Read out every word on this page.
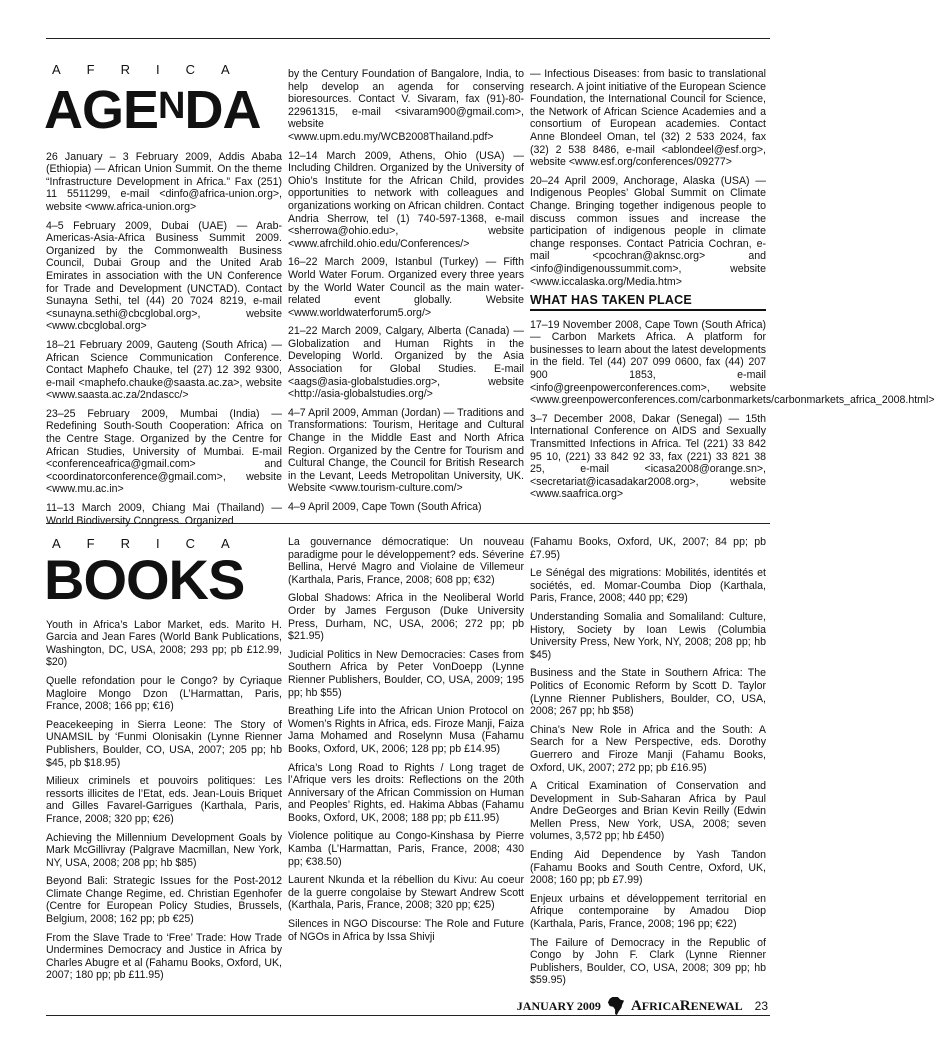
AFRICA
AGENDA

26 January – 3 February 2009, Addis Ababa (Ethiopia) — African Union Summit. On the theme “Infrastructure Development in Africa.” Fax (251) 11 5511299, e-mail <dinfo@africa-union.org>, website <www.africa-union.org>

4–5 February 2009, Dubai (UAE) — Arab-Americas-Asia-Africa Business Summit 2009. Organized by the Commonwealth Business Council, Dubai Group and the United Arab Emirates in association with the UN Conference for Trade and Development (UNCTAD). Contact Sunayna Sethi, tel (44) 20 7024 8219, e-mail <sunayna.sethi@cbcglobal.org>, website <www.cbcglobal.org>

18–21 February 2009, Gauteng (South Africa) — African Science Communication Conference. Contact Maphefo Chauke, tel (27) 12 392 9300, e-mail <maphefo.chauke@saasta.ac.za>, website <www.saasta.ac.za/2ndascc/>

23–25 February 2009, Mumbai (India) — Redefining South-South Cooperation: Africa on the Centre Stage. Organized by the Centre for African Studies, University of Mumbai. E-mail <conferenceafrica@gmail.com> and <coordinatorconference@gmail.com>, website <www.mu.ac.in>

11–13 March 2009, Chiang Mai (Thailand) — World Biodiversity Congress. Organized

by the Century Foundation of Bangalore, India, to help develop an agenda for conserving bioresources. Contact V. Sivaram, fax (91)-80-22961315, e-mail <sivaram900@gmail.com>, website <www.upm.edu.my/WCB2008Thailand.pdf>

12–14 March 2009, Athens, Ohio (USA) — Including Children. Organized by the University of Ohio’s Institute for the African Child, provides opportunities to network with colleagues and organizations working on African children. Contact Andria Sherrow, tel (1) 740-597-1368, e-mail <sherrowa@ohio.edu>, website <www.afrchild.ohio.edu/Conferences/>

16–22 March 2009, Istanbul (Turkey) — Fifth World Water Forum. Organized every three years by the World Water Council as the main water-related event globally. Website <www.worldwaterforum5.org/>

21–22 March 2009, Calgary, Alberta (Canada) — Globalization and Human Rights in the Developing World. Organized by the Asia Association for Global Studies. E-mail <aags@asia-globalstudies.org>, website <http://asia-globalstudies.org/>

4–7 April 2009, Amman (Jordan) — Traditions and Transformations: Tourism, Heritage and Cultural Change in the Middle East and North Africa Region. Organized by the Centre for Tourism and Cultural Change, the Council for British Research in the Levant, Leeds Metropolitan University, UK. Website <www.tourism-culture.com/>

4–9 April 2009, Cape Town (South Africa)

— Infectious Diseases: from basic to translational research. A joint initiative of the European Science Foundation, the International Council for Science, the Network of African Science Academies and a consortium of European academies. Contact Anne Blondeel Oman, tel (32) 2 533 2024, fax (32) 2 538 8486, e-mail <ablondeel@esf.org>, website <www.esf.org/conferences/09277>

20–24 April 2009, Anchorage, Alaska (USA) — Indigenous Peoples’ Global Summit on Climate Change. Bringing together indigenous people to discuss common issues and increase the participation of indigenous people in climate change responses. Contact Patricia Cochran, e-mail <pcochran@aknsc.org> and <info@indigenoussummit.com>, website <www.iccalaska.org/Media.htm>

WHAT HAS TAKEN PLACE

17–19 November 2008, Cape Town (South Africa) — Carbon Markets Africa. A platform for businesses to learn about the latest developments in the field. Tel (44) 207 099 0600, fax (44) 207 900 1853, e-mail <info@greenpowerconferences.com>, website <www.greenpowerconferences.com/carbonmarkets/carbonmarkets_africa_2008.html>

3–7 December 2008, Dakar (Senegal) — 15th International Conference on AIDS and Sexually Transmitted Infections in Africa. Tel (221) 33 842 95 10, (221) 33 842 92 33, fax (221) 33 821 38 25, e-mail <icasa2008@orange.sn>, <secretariat@icasadakar2008.org>, website <www.saafrica.org>

AFRICA
BOOKS

Youth in Africa’s Labor Market, eds. Marito H. Garcia and Jean Fares (World Bank Publications, Washington, DC, USA, 2008; 293 pp; pb £12.99, $20)

Quelle refondation pour le Congo? by Cyriaque Magloire Mongo Dzon (L’Harmattan, Paris, France, 2008; 166 pp; €16)

Peacekeeping in Sierra Leone: The Story of UNAMSIL by ‘Funmi Olonisakin (Lynne Rienner Publishers, Boulder, CO, USA, 2007; 205 pp; hb $45, pb $18.95)

Milieux criminels et pouvoirs politiques: Les ressorts illicites de l’Etat, eds. Jean-Louis Briquet and Gilles Favarel-Garrigues (Karthala, Paris, France, 2008; 320 pp; €26)

Achieving the Millennium Development Goals by Mark McGillivray (Palgrave Macmillan, New York, NY, USA, 2008; 208 pp; hb $85)

Beyond Bali: Strategic Issues for the Post-2012 Climate Change Regime, ed. Christian Egenhofer (Centre for European Policy Studies, Brussels, Belgium, 2008; 162 pp; pb €25)

From the Slave Trade to ‘Free’ Trade: How Trade Undermines Democracy and Justice in Africa by Charles Abugre et al (Fahamu Books, Oxford, UK, 2007; 180 pp; pb £11.95)

La gouvernance démocratique: Un nouveau paradigme pour le développement? eds. Séverine Bellina, Hervé Magro and Violaine de Villemeur (Karthala, Paris, France, 2008; 608 pp; €32)

Global Shadows: Africa in the Neoliberal World Order by James Ferguson (Duke University Press, Durham, NC, USA, 2006; 272 pp; pb $21.95)

Judicial Politics in New Democracies: Cases from Southern Africa by Peter VonDoepp (Lynne Rienner Publishers, Boulder, CO, USA, 2009; 195 pp; hb $55)

Breathing Life into the African Union Protocol on Women’s Rights in Africa, eds. Firoze Manji, Faiza Jama Mohamed and Roselynn Musa (Fahamu Books, Oxford, UK, 2006; 128 pp; pb £14.95)

Africa’s Long Road to Rights / Long traget de l’Afrique vers les droits: Reflections on the 20th Anniversary of the African Commission on Human and Peoples’ Rights, ed. Hakima Abbas (Fahamu Books, Oxford, UK, 2008; 188 pp; pb £11.95)

Violence politique au Congo-Kinshasa by Pierre Kamba (L’Harmattan, Paris, France, 2008; 430 pp; €38.50)

Laurent Nkunda et la rébellion du Kivu: Au coeur de la guerre congolaise by Stewart Andrew Scott (Karthala, Paris, France, 2008; 320 pp; €25)

Silences in NGO Discourse: The Role and Future of NGOs in Africa by Issa Shivji

(Fahamu Books, Oxford, UK, 2007; 84 pp; pb £7.95)

Le Sénégal des migrations: Mobilités, identités et sociétés, ed. Momar-Coumba Diop (Karthala, Paris, France, 2008; 440 pp; €29)

Understanding Somalia and Somaliland: Culture, History, Society by Ioan Lewis (Columbia University Press, New York, NY, 2008; 208 pp; hb $45)

Business and the State in Southern Africa: The Politics of Economic Reform by Scott D. Taylor (Lynne Rienner Publishers, Boulder, CO, USA, 2008; 267 pp; hb $58)

China’s New Role in Africa and the South: A Search for a New Perspective, eds. Dorothy Guerrero and Firoze Manji (Fahamu Books, Oxford, UK, 2007; 272 pp; pb £16.95)

A Critical Examination of Conservation and Development in Sub-Saharan Africa by Paul Andre DeGeorges and Brian Kevin Reilly (Edwin Mellen Press, New York, USA, 2008; seven volumes, 3,572 pp; hb £450)

Ending Aid Dependence by Yash Tandon (Fahamu Books and South Centre, Oxford, UK, 2008; 160 pp; pb £7.99)

Enjeux urbains et développement territorial en Afrique contemporaine by Amadou Diop (Karthala, Paris, France, 2008; 196 pp; €22)

The Failure of Democracy in the Republic of Congo by John F. Clark (Lynne Rienner Publishers, Boulder, CO, USA, 2008; 309 pp; hb $59.95)

JANUARY 2009 AFRICARENEWAL 23
